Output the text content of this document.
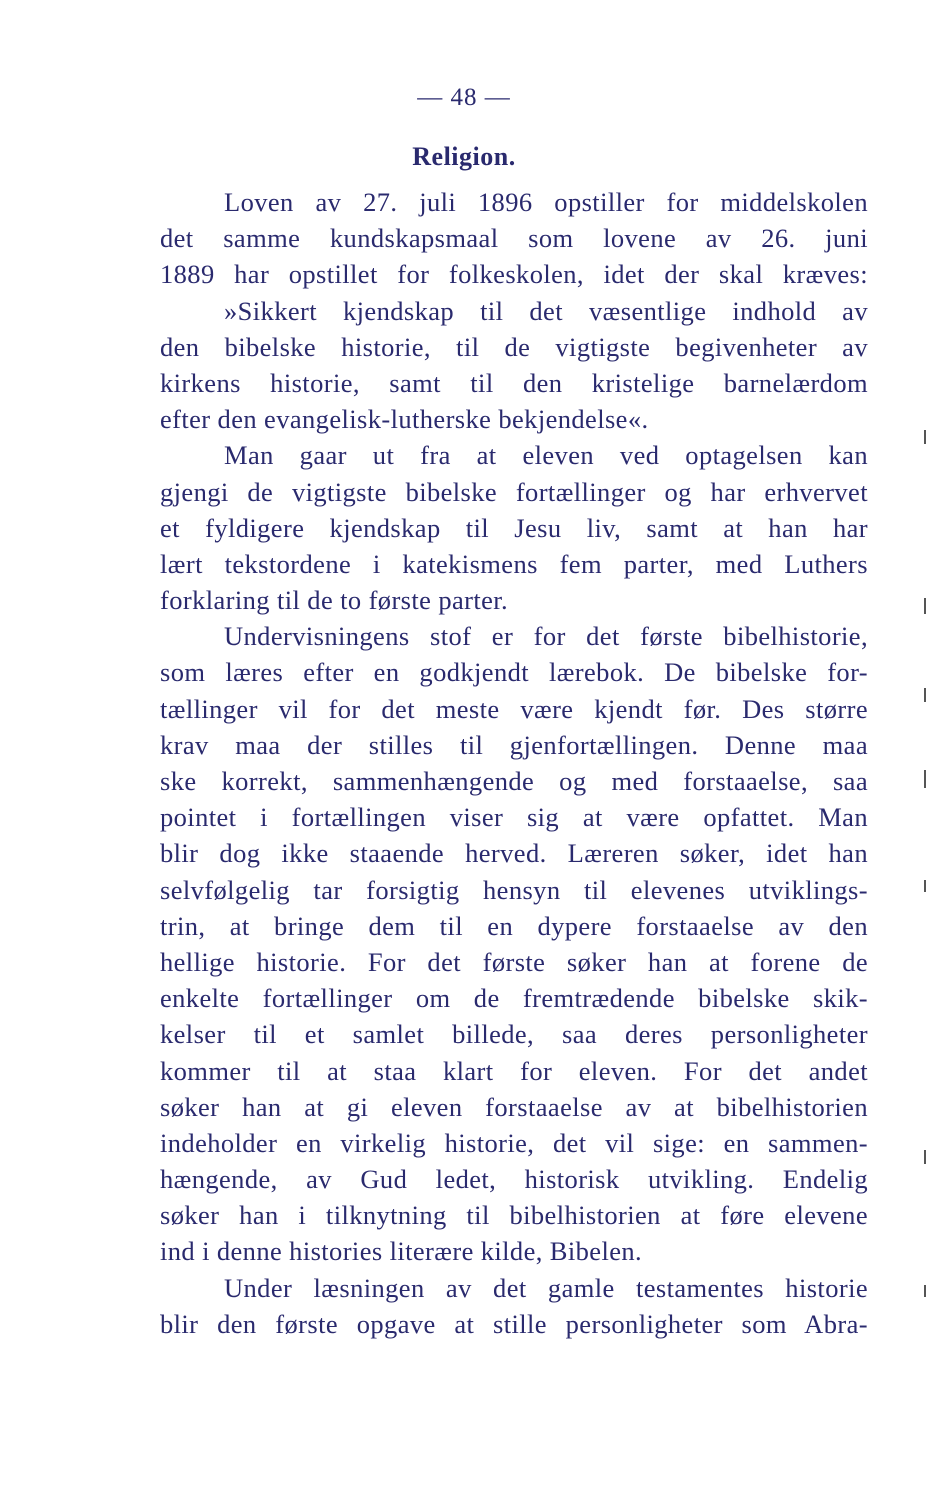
— 48 —
Religion.
Loven av 27. juli 1896 opstiller for middelskolen
det samme kundskapsmaal som lovene av 26. juni
1889 har opstillet for folkeskolen, idet der skal kræves:
»Sikkert kjendskap til det væsentlige indhold av
den bibelske historie, til de vigtigste begivenheter av
kirkens historie, samt til den kristelige barnelærdom
efter den evangelisk-lutherske bekjendelse«.
Man gaar ut fra at eleven ved optagelsen kan
gjengi de vigtigste bibelske fortællinger og har erhvervet
et fyldigere kjendskap til Jesu liv, samt at han har
lært tekstordene i katekismens fem parter, med Luthers
forklaring til de to første parter.
Undervisningens stof er for det første bibelhistorie,
som læres efter en godkjendt lærebok. De bibelske for-
tællinger vil for det meste være kjendt før. Des større
krav maa der stilles til gjenfortællingen. Denne maa
ske korrekt, sammenhængende og med forstaaelse, saa
pointet i fortællingen viser sig at være opfattet. Man
blir dog ikke staaende herved. Læreren søker, idet han
selvfølgelig tar forsigtig hensyn til elevenes utviklings-
trin, at bringe dem til en dypere forstaaelse av den
hellige historie. For det første søker han at forene de
enkelte fortællinger om de fremtrædende bibelske skik-
kelser til et samlet billede, saa deres personligheter
kommer til at staa klart for eleven. For det andet
søker han at gi eleven forstaaelse av at bibelhistorien
indeholder en virkelig historie, det vil sige: en sammen-
hængende, av Gud ledet, historisk utvikling. Endelig
søker han i tilknytning til bibelhistorien at føre elevene
ind i denne histories literære kilde, Bibelen.
Under læsningen av det gamle testamentes historie
blir den første opgave at stille personligheter som Abra-
